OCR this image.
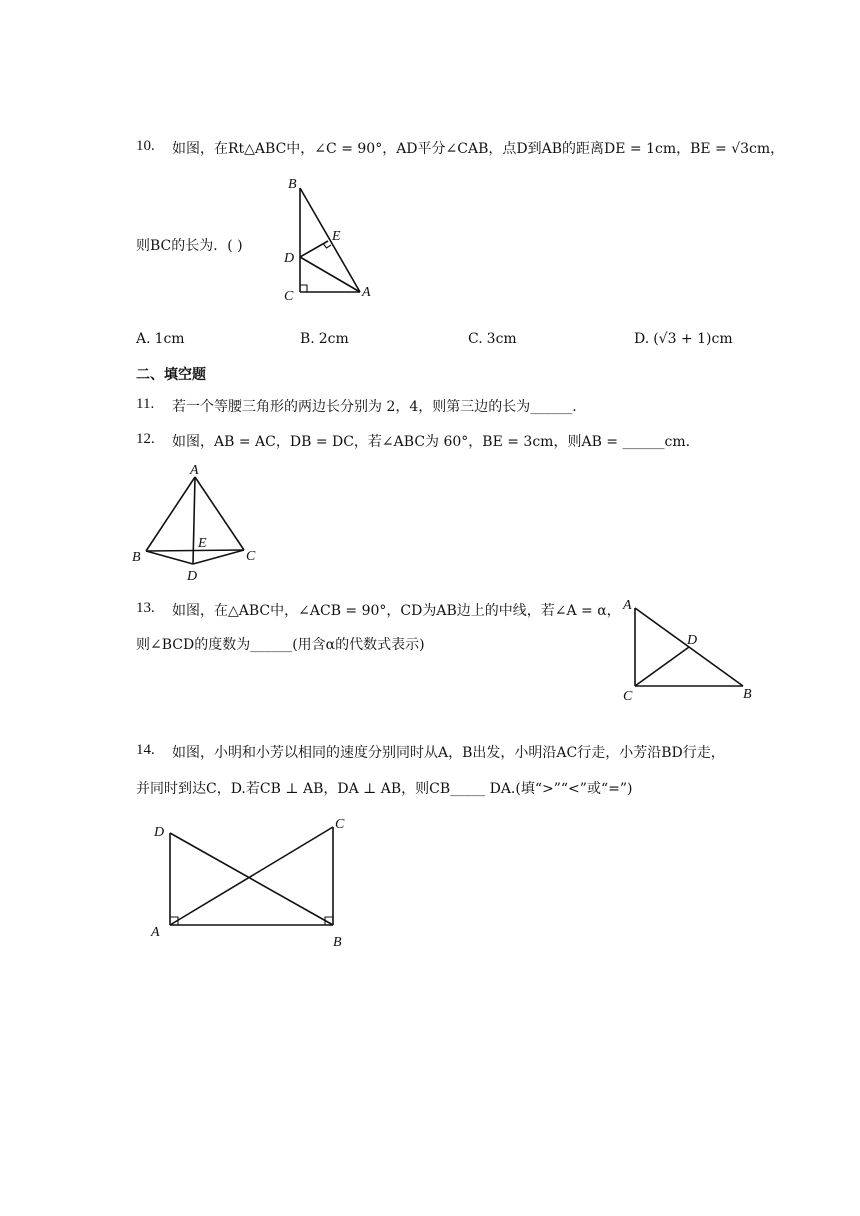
10. 如图，在Rt△ABC中，∠C = 90°，AD平分∠CAB，点D到AB的距离DE = 1cm，BE = √3cm，
则BC的长为．( )
B
E
D
C	A
A. 1cm	B. 2cm	C. 3cm	D. (√3 + 1)cm
二、填空题
11. 若一个等腰三角形的两边长分别为 2，4，则第三边的长为______.
12. 如图，AB = AC，DB = DC，若∠ABC为 60°，BE = 3cm，则AB = ______cm.
A
B	C
D
E
13. 如图，在△ABC中，∠ACB = 90°，CD为AB边上的中线，若∠A = α，
则∠BCD的度数为______(用含α的代数式表示)
A
D
C	B
14. 如图，小明和小芳以相同的速度分别同时从A，B出发，小明沿AC行走，小芳沿BD行走，
并同时到达C，D.若CB ⊥ AB，DA ⊥ AB，则CB_____ DA.(填“>”“<”或“=”)
D
C
A
B
